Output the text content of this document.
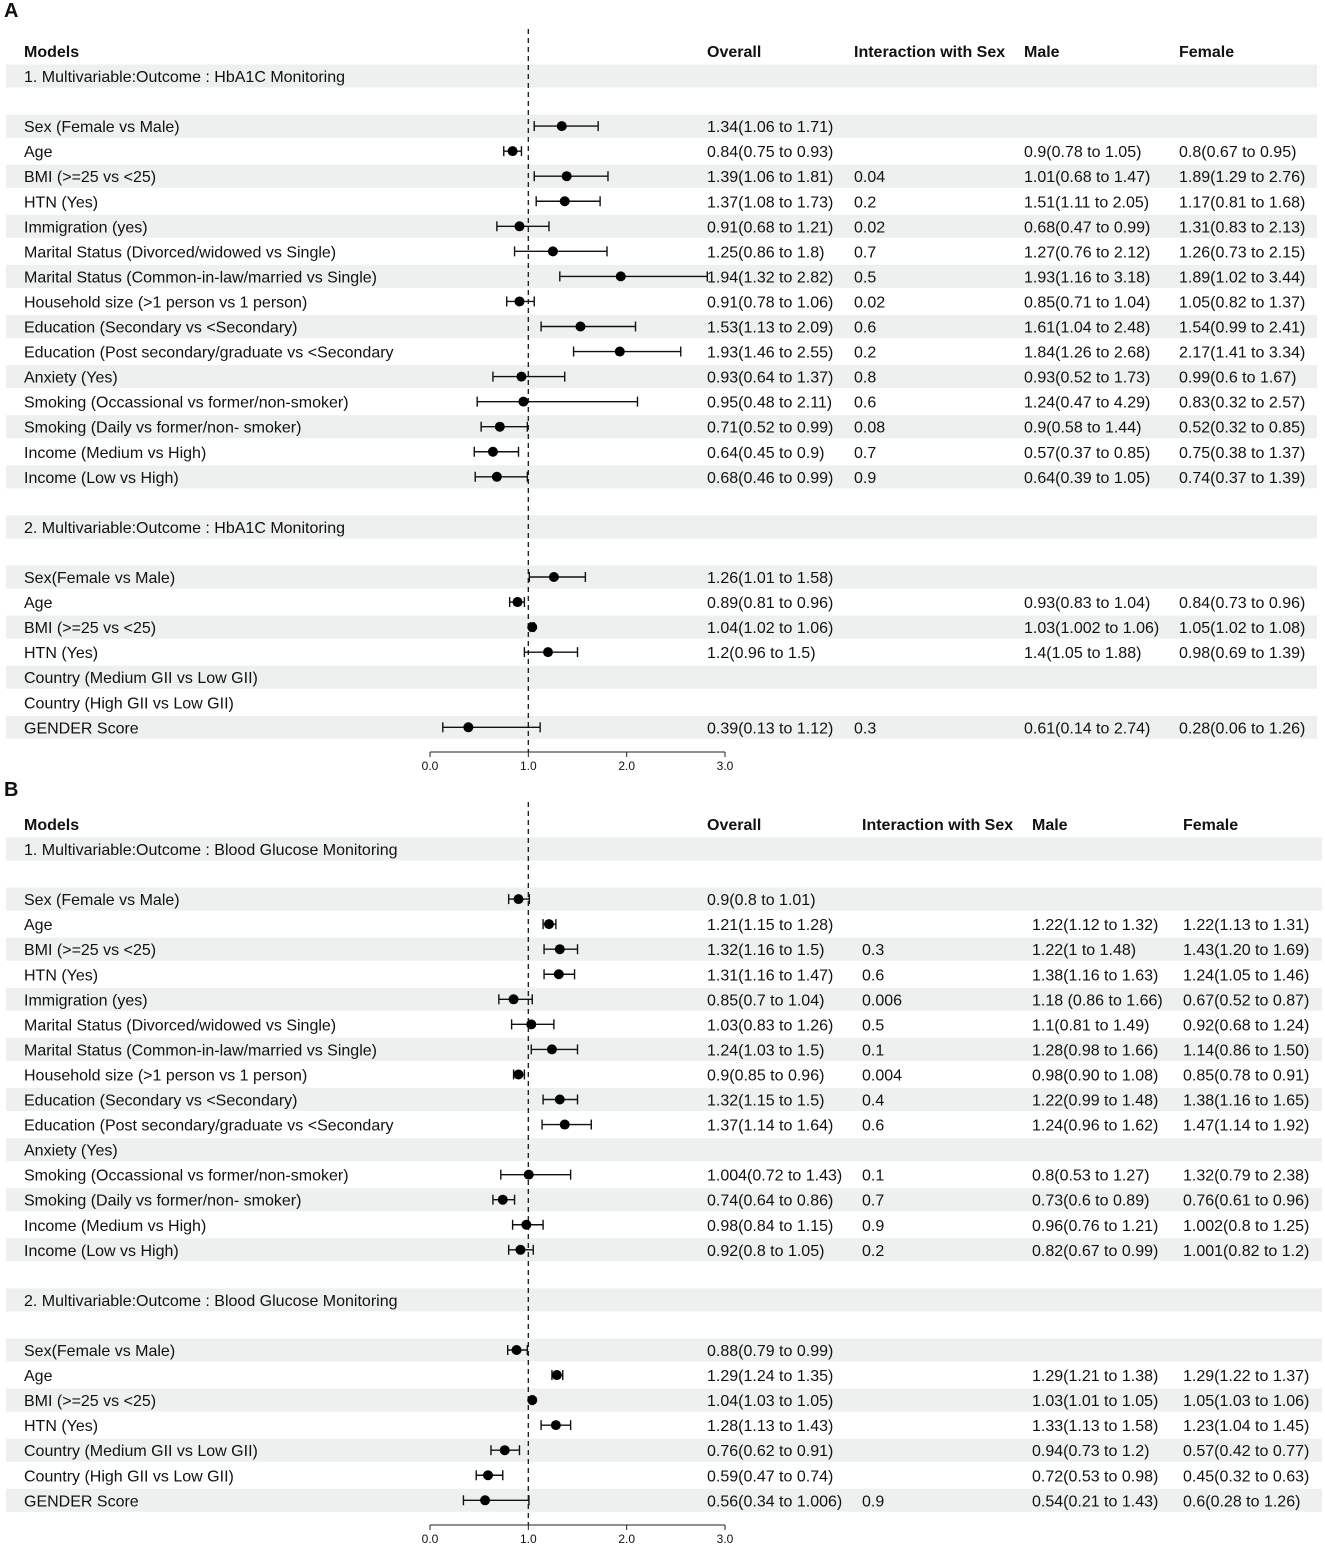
A
Models	Overall	Interaction with Sex Male	Female
1. Multivariable:Outcome : HbA1C Monitoring
Sex (Female vs Male)	1.34(1.06 to 1.71)
Age	0.84(0.75 to 0.93)	0.9(0.78 to 1.05) 0.8(0.67 to 0.95)
BMI (>=25 vs <25)	1.39(1.06 to 1.81) 0.04	1.01(0.68 to 1.47) 1.89(1.29 to 2.76)
HTN (Yes)	1.37(1.08 to 1.73) 0.2	1.51(1.11 to 2.05) 1.17(0.81 to 1.68)
Immigration (yes)	0.91(0.68 to 1.21) 0.02	0.68(0.47 to 0.99) 1.31(0.83 to 2.13)
Marital Status (Divorced/widowed vs Single)	1.25(0.86 to 1.8) 0.7	1.27(0.76 to 2.12) 1.26(0.73 to 2.15)
Marital Status (Common-in-law/married vs Single)	1.94(1.32 to 2.82) 0.5	1.93(1.16 to 3.18) 1.89(1.02 to 3.44)
Household size (>1 person vs 1 person)	0.91(0.78 to 1.06) 0.02	0.85(0.71 to 1.04) 1.05(0.82 to 1.37)
Education (Secondary vs <Secondary)	1.53(1.13 to 2.09) 0.6	1.61(1.04 to 2.48) 1.54(0.99 to 2.41)
Education (Post secondary/graduate vs <Secondary	1.93(1.46 to 2.55) 0.2	1.84(1.26 to 2.68) 2.17(1.41 to 3.34)
Anxiety (Yes)	0.93(0.64 to 1.37) 0.8	0.93(0.52 to 1.73) 0.99(0.6 to 1.67)
Smoking (Occassional vs former/non-smoker)	0.95(0.48 to 2.11) 0.6	1.24(0.47 to 4.29) 0.83(0.32 to 2.57)
Smoking (Daily vs former/non- smoker)	0.71(0.52 to 0.99) 0.08	0.9(0.58 to 1.44) 0.52(0.32 to 0.85)
Income (Medium vs High)	0.64(0.45 to 0.9) 0.7	0.57(0.37 to 0.85) 0.75(0.38 to 1.37)
Income (Low vs High)	0.68(0.46 to 0.99) 0.9	0.64(0.39 to 1.05) 0.74(0.37 to 1.39)
2. Multivariable:Outcome : HbA1C Monitoring
Sex(Female vs Male)	1.26(1.01 to 1.58)
Age	0.89(0.81 to 0.96)	0.93(0.83 to 1.04) 0.84(0.73 to 0.96)
BMI (>=25 vs <25)	1.04(1.02 to 1.06)	1.03(1.002 to 1.06) 1.05(1.02 to 1.08)
HTN (Yes)	1.2(0.96 to 1.5)	1.4(1.05 to 1.88) 0.98(0.69 to 1.39)
Country (Medium GII vs Low GII)
Country (High GII vs Low GII)
GENDER Score	0.39(0.13 to 1.12) 0.3	0.61(0.14 to 2.74) 0.28(0.06 to 1.26)
0.0	1.0	2.0	3.0
B
Models	Overall	Interaction with Sex Male	Female
1. Multivariable:Outcome : Blood Glucose Monitoring
Sex (Female vs Male)	0.9(0.8 to 1.01)
Age	1.21(1.15 to 1.28)	1.22(1.12 to 1.32) 1.22(1.13 to 1.31)
BMI (>=25 vs <25)	1.32(1.16 to 1.5) 0.3	1.22(1 to 1.48)	1.43(1.20 to 1.69)
HTN (Yes)	1.31(1.16 to 1.47) 0.6	1.38(1.16 to 1.63) 1.24(1.05 to 1.46)
Immigration (yes)	0.85(0.7 to 1.04) 0.006	1.18 (0.86 to 1.66) 0.67(0.52 to 0.87)
Marital Status (Divorced/widowed vs Single)	1.03(0.83 to 1.26) 0.5	1.1(0.81 to 1.49) 0.92(0.68 to 1.24)
Marital Status (Common-in-law/married vs Single)	1.24(1.03 to 1.5) 0.1	1.28(0.98 to 1.66) 1.14(0.86 to 1.50)
Household size (>1 person vs 1 person)	0.9(0.85 to 0.96) 0.004	0.98(0.90 to 1.08) 0.85(0.78 to 0.91)
Education (Secondary vs <Secondary)	1.32(1.15 to 1.5) 0.4	1.22(0.99 to 1.48) 1.38(1.16 to 1.65)
Education (Post secondary/graduate vs <Secondary	1.37(1.14 to 1.64) 0.6	1.24(0.96 to 1.62) 1.47(1.14 to 1.92)
Anxiety (Yes)
Smoking (Occassional vs former/non-smoker)	1.004(0.72 to 1.43) 0.1	0.8(0.53 to 1.27) 1.32(0.79 to 2.38)
Smoking (Daily vs former/non- smoker)	0.74(0.64 to 0.86) 0.7	0.73(0.6 to 0.89) 0.76(0.61 to 0.96)
Income (Medium vs High)	0.98(0.84 to 1.15) 0.9	0.96(0.76 to 1.21) 1.002(0.8 to 1.25)
Income (Low vs High)	0.92(0.8 to 1.05) 0.2	0.82(0.67 to 0.99) 1.001(0.82 to 1.2)
2. Multivariable:Outcome : Blood Glucose Monitoring
Sex(Female vs Male)	0.88(0.79 to 0.99)
Age	1.29(1.24 to 1.35)	1.29(1.21 to 1.38) 1.29(1.22 to 1.37)
BMI (>=25 vs <25)	1.04(1.03 to 1.05)	1.03(1.01 to 1.05) 1.05(1.03 to 1.06)
HTN (Yes)	1.28(1.13 to 1.43)	1.33(1.13 to 1.58) 1.23(1.04 to 1.45)
Country (Medium GII vs Low GII)	0.76(0.62 to 0.91)	0.94(0.73 to 1.2) 0.57(0.42 to 0.77)
Country (High GII vs Low GII)	0.59(0.47 to 0.74)	0.72(0.53 to 0.98) 0.45(0.32 to 0.63)
GENDER Score	0.56(0.34 to 1.006) 0.9	0.54(0.21 to 1.43) 0.6(0.28 to 1.26)
0.0	1.0	2.0	3.0
